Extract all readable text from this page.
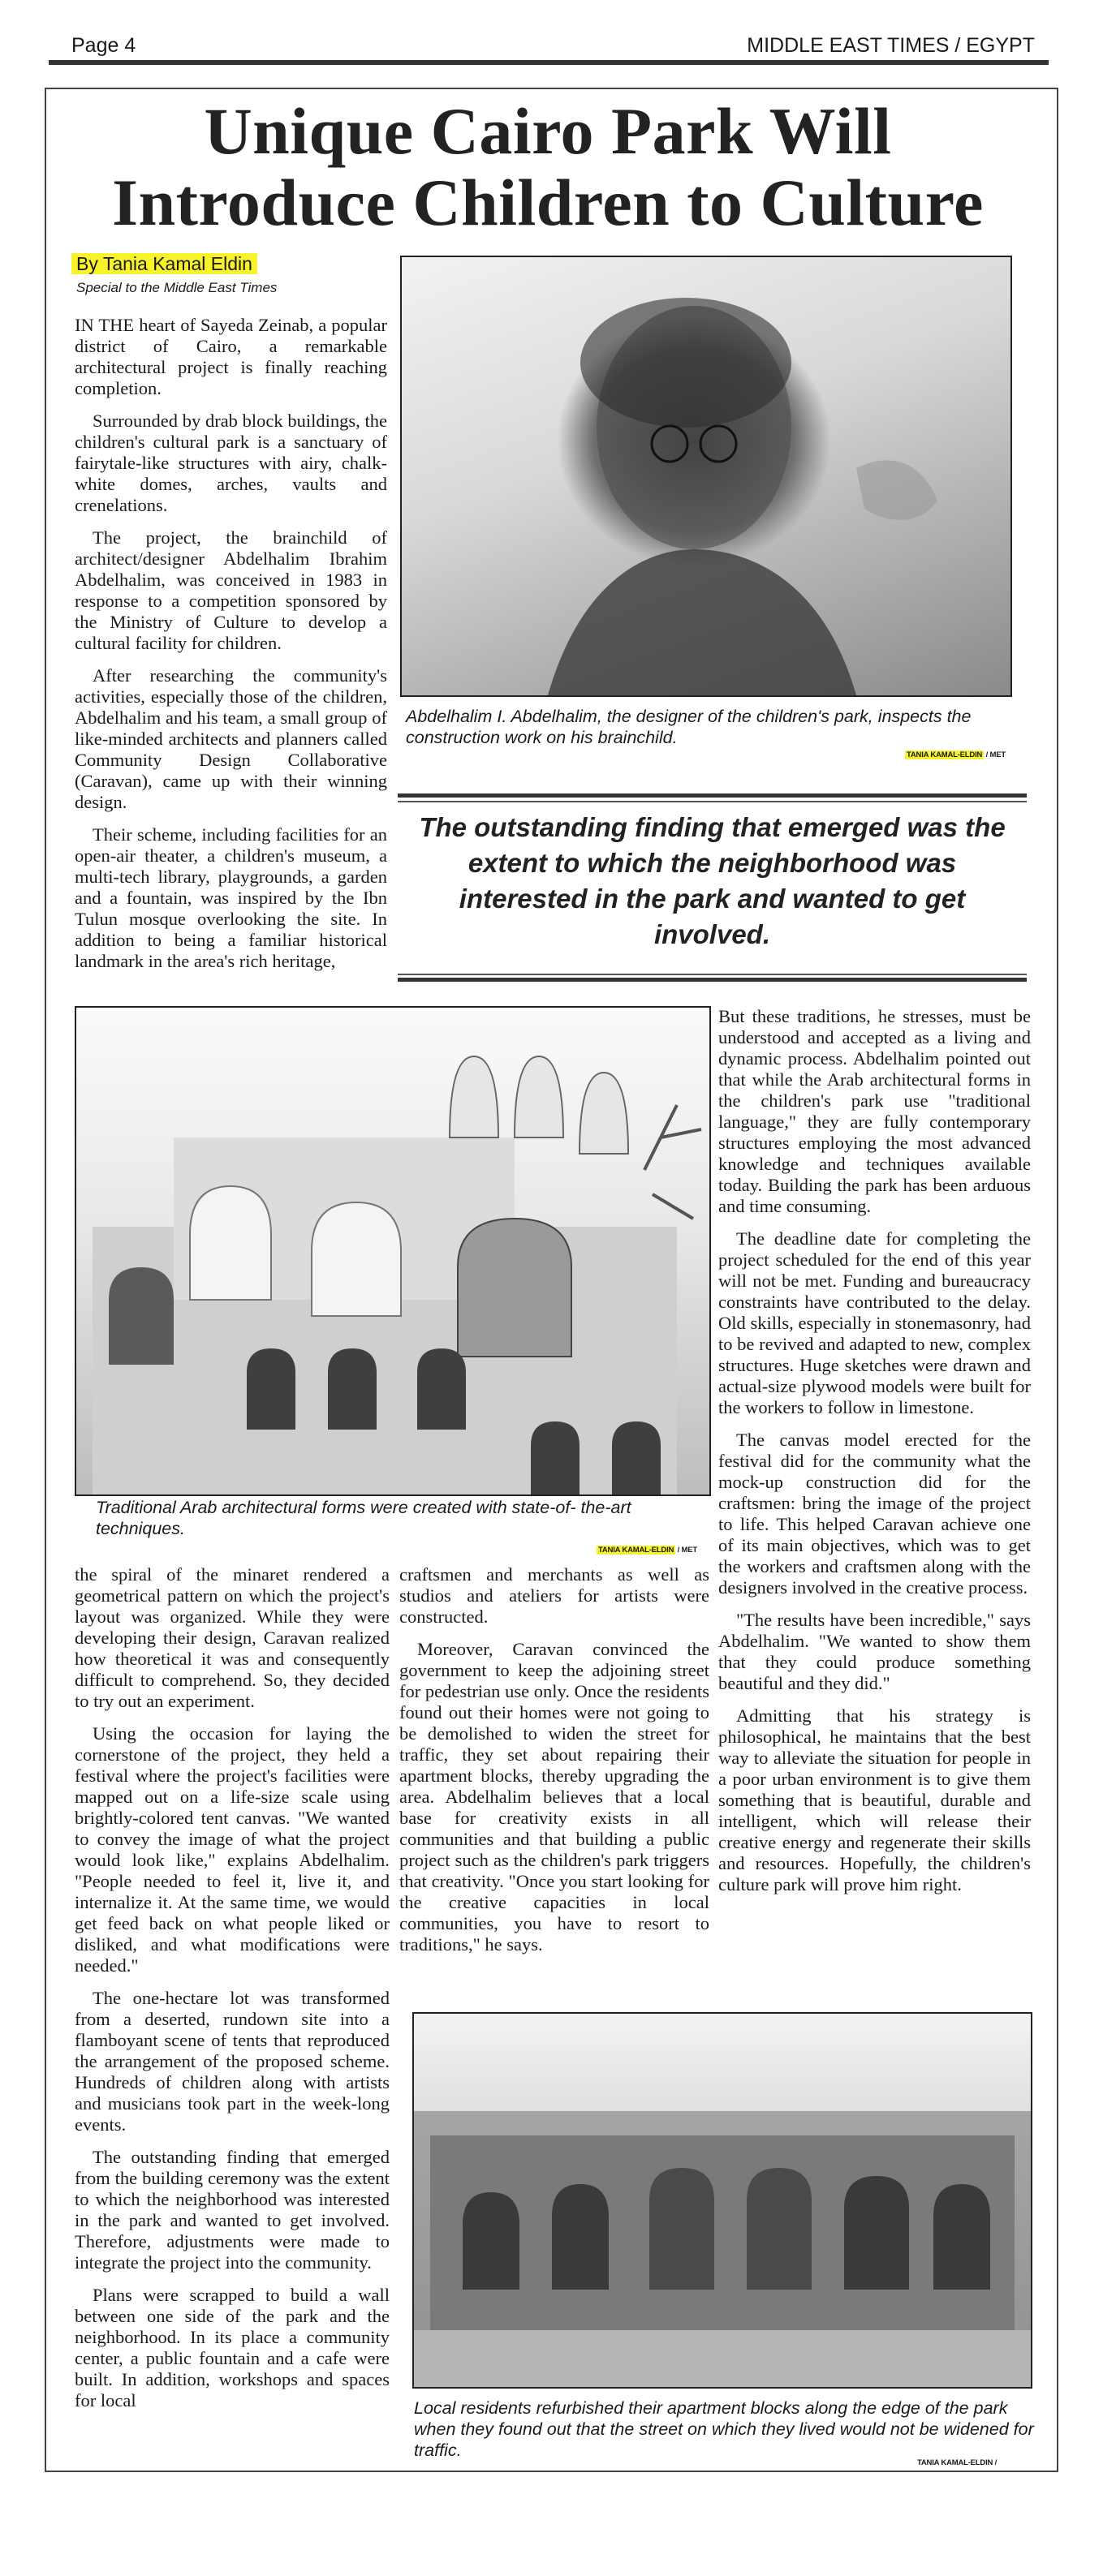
Page 4	MIDDLE EAST TIMES / EGYPT
Unique Cairo Park Will
Introduce Children to Culture
By Tania Kamal Eldin
Special to the Middle East Times

IN THE heart of Sayeda Zeinab, a popular district of Cairo, a remarkable architectural project is finally reaching completion.

Surrounded by drab block buildings, the children's cultural park is a sanctuary of fairytale-like structures with airy, chalk-white domes, arches, vaults and crenelations.

The project, the brainchild of architect/designer Abdelhalim Ibrahim Abdelhalim, was conceived in 1983 in response to a competition sponsored by the Ministry of Culture to develop a cultural facility for children.

After researching the community's activities, especially those of the children, Abdelhalim and his team, a small group of like-minded architects and planners called Community Design Collaborative (Caravan), came up with their winning design.

Their scheme, including facilities for an open-air theater, a children's museum, a multi-tech library, playgrounds, a garden and a fountain, was inspired by the Ibn Tulun mosque overlooking the site. In addition to being a familiar historical landmark in the area's rich heritage,

Abdelhalim I. Abdelhalim, the designer of the children's park, inspects the construction work on his brainchild.
TANIA KAMAL-ELDIN / MET
The outstanding finding that emerged was the extent to which the neighborhood was interested in the park and wanted to get involved.
Traditional Arab architectural forms were created with state-of- the-art techniques.
TANIA KAMAL-ELDIN / MET

But these traditions, he stresses, must be understood and accepted as a living and dynamic process. Abdelhalim pointed out that while the Arab architectural forms in the children's park use "traditional language," they are fully contemporary structures employing the most advanced knowledge and techniques available today. Building the park has been arduous and time consuming.

The deadline date for completing the project scheduled for the end of this year will not be met. Funding and bureaucracy constraints have contributed to the delay. Old skills, especially in stonemasonry, had to be revived and adapted to new, complex structures. Huge sketches were drawn and actual-size plywood models were built for the workers to follow in limestone.

The canvas model erected for the festival did for the community what the mock-up construction did for the craftsmen: bring the image of the project to life. This helped Caravan achieve one of its main objectives, which was to get the workers and craftsmen along with the designers involved in the creative process.

"The results have been incredible," says Abdelhalim. "We wanted to show them that they could produce something beautiful and they did."

Admitting that his strategy is philosophical, he maintains that the best way to alleviate the situation for people in a poor urban environment is to give them something that is beautiful, durable and intelligent, which will release their creative energy and regenerate their skills and resources. Hopefully, the children's culture park will prove him right.

the spiral of the minaret rendered a geometrical pattern on which the project's layout was organized. While they were developing their design, Caravan realized how theoretical it was and consequently difficult to comprehend. So, they decided to try out an experiment.

Using the occasion for laying the cornerstone of the project, they held a festival where the project's facilities were mapped out on a life-size scale using brightly-colored tent canvas. "We wanted to convey the image of what the project would look like," explains Abdelhalim. "People needed to feel it, live it, and internalize it. At the same time, we would get feed back on what people liked or disliked, and what modifications were needed."

The one-hectare lot was transformed from a deserted, rundown site into a flamboyant scene of tents that reproduced the arrangement of the proposed scheme. Hundreds of children along with artists and musicians took part in the week-long events.

The outstanding finding that emerged from the building ceremony was the extent to which the neighborhood was interested in the park and wanted to get involved. Therefore, adjustments were made to integrate the project into the community.

Plans were scrapped to build a wall between one side of the park and the neighborhood. In its place a community center, a public fountain and a cafe were built. In addition, workshops and spaces for local

craftsmen and merchants as well as studios and ateliers for artists were constructed.

Moreover, Caravan convinced the government to keep the adjoining street for pedestrian use only. Once the residents found out their homes were not going to be demolished to widen the street for traffic, they set about repairing their apartment blocks, thereby upgrading the area. Abdelhalim believes that a local base for creativity exists in all communities and that building a public project such as the children's park triggers that creativity. "Once you start looking for the creative capacities in local communities, you have to resort to traditions," he says.

Local residents refurbished their apartment blocks along the edge of the park when they found out that the street on which they lived would not be widened for traffic.
TANIA KAMAL-ELDIN /
